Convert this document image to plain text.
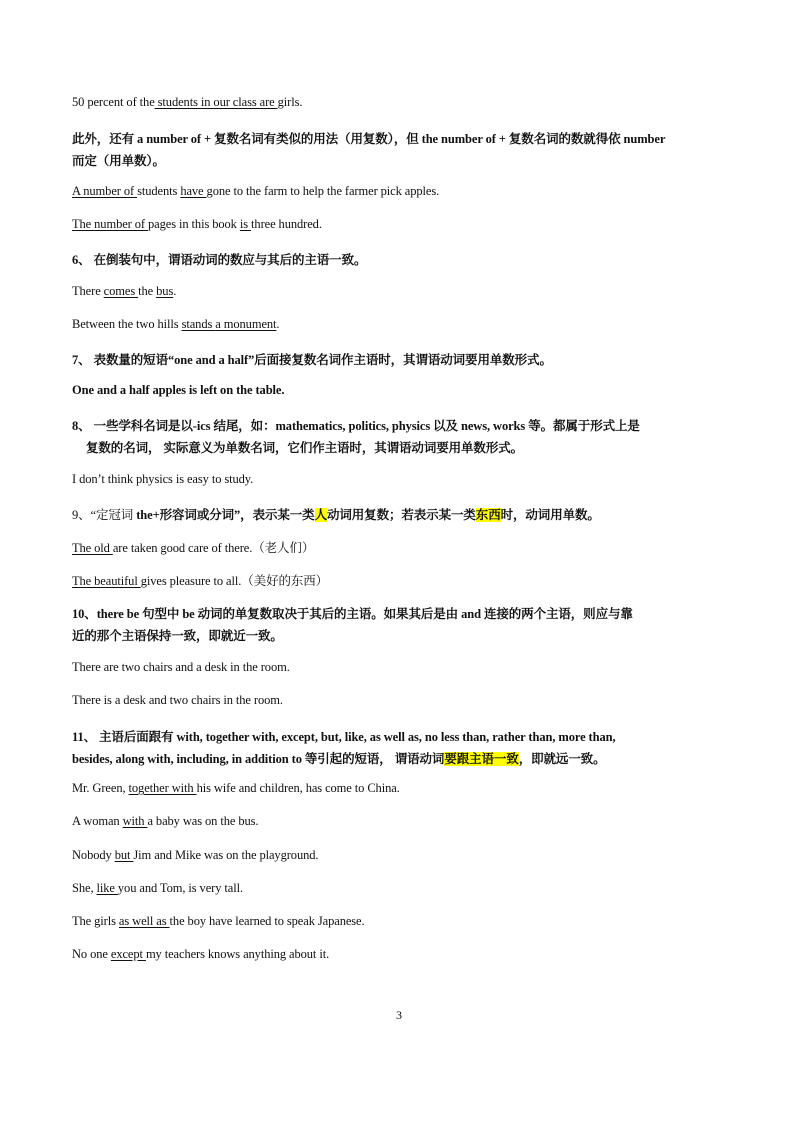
50 percent of the students in our class are girls.
此外，还有 a number of + 复数名词有类似的用法（用复数），但 the number of + 复数名词的数就得依 number
而定（用单数）。
A number of students have gone to the farm to help the farmer pick apples.
The number of pages in this book is three hundred.
6、 在倒装句中，谓语动词的数应与其后的主语一致。
There comes the bus.
Between the two hills stands a monument.
7、 表数量的短语“one and a half”后面接复数名词作主语时，其谓语动词要用单数形式。
One and a half apples is left on the table.
8、 一些学科名词是以-ics 结尾，如：mathematics, politics, physics 以及 news, works 等。都属于形式上是
复数的名词， 实际意义为单数名词，它们作主语时，其谓语动词要用单数形式。
I don’t think physics is easy to study.
9、“定冠词 the+形容词或分词”，表示某一类人动词用复数；若表示某一类东西时，动词用单数。
The old are taken good care of there.（老人们）
The beautiful gives pleasure to all.（美好的东西）
10、there be 句型中 be 动词的单复数取决于其后的主语。如果其后是由 and 连接的两个主语，则应与靠
近的那个主语保持一致，即就近一致。
There are two chairs and a desk in the room.
There is a desk and two chairs in the room.
11、 主语后面跟有 with, together with, except, but, like, as well as, no less than, rather than, more than,
besides, along with, including, in addition to 等引起的短语， 谓语动词要跟主语一致，即就远一致。
Mr. Green, together with his wife and children, has come to China.
A woman with a baby was on the bus.
Nobody but Jim and Mike was on the playground.
She, like you and Tom, is very tall.
The girls as well as the boy have learned to speak Japanese.
No one except my teachers knows anything about it.
3
